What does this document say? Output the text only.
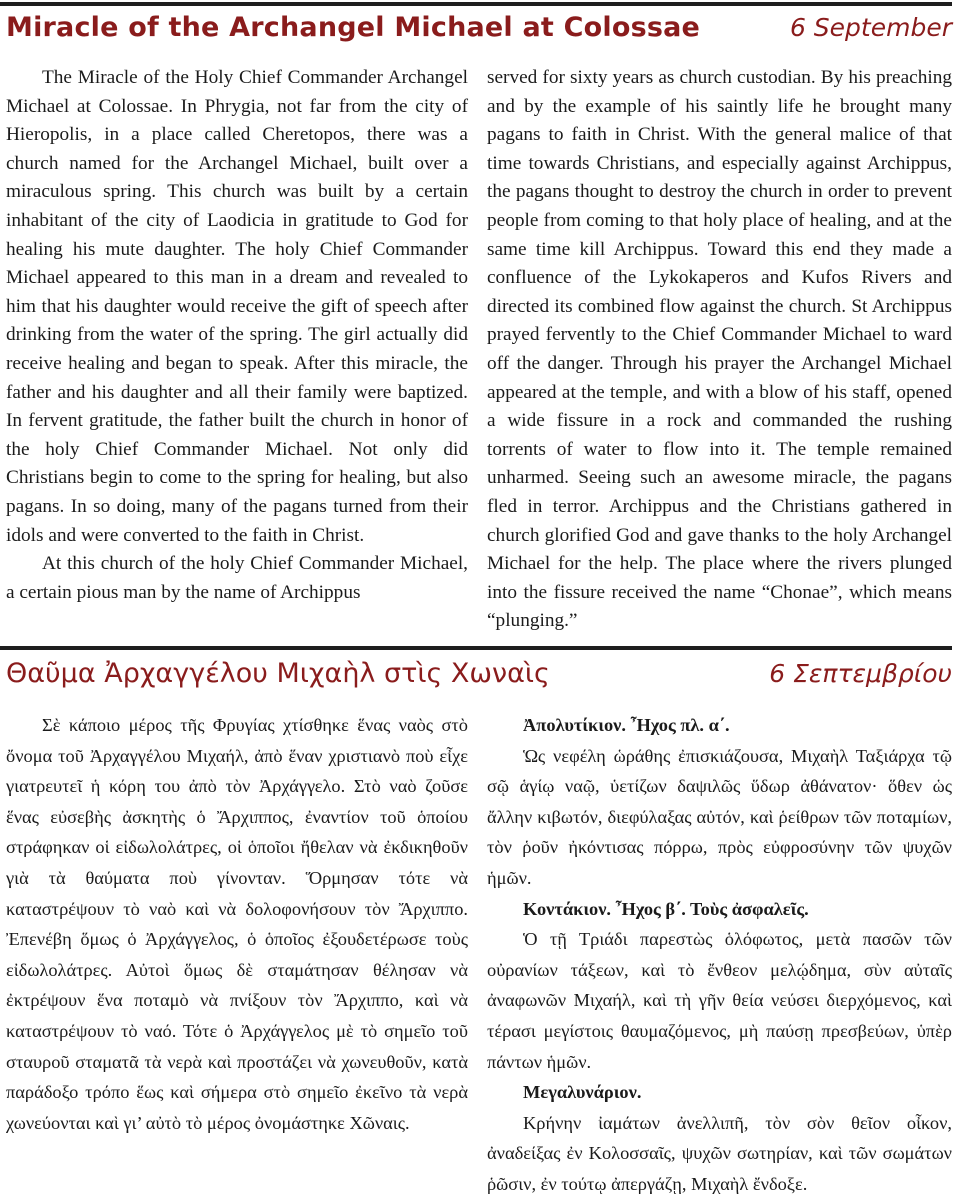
Miracle of the Archangel Michael at Colossae	6 September

The Miracle of the Holy Chief Commander Archangel Michael at Colossae. In Phrygia, not far from the city of Hieropolis, in a place called Cheretopos, there was a church named for the Archangel Michael, built over a miraculous spring. This church was built by a certain inhabitant of the city of Laodicia in gratitude to God for healing his mute daughter. The holy Chief Commander Michael appeared to this man in a dream and revealed to him that his daughter would receive the gift of speech after drinking from the water of the spring. The girl actually did receive healing and began to speak. After this miracle, the father and his daughter and all their family were baptized. In fervent gratitude, the father built the church in honor of the holy Chief Commander Michael. Not only did Christians begin to come to the spring for healing, but also pagans. In so doing, many of the pagans turned from their idols and were converted to the faith in Christ.

At this church of the holy Chief Commander Michael, a certain pious man by the name of Archippus

served for sixty years as church custodian. By his preaching and by the example of his saintly life he brought many pagans to faith in Christ. With the general malice of that time towards Christians, and especially against Archippus, the pagans thought to destroy the church in order to prevent people from coming to that holy place of healing, and at the same time kill Archippus. Toward this end they made a confluence of the Lykokaperos and Kufos Rivers and directed its combined flow against the church. St Archippus prayed fervently to the Chief Commander Michael to ward off the danger. Through his prayer the Archangel Michael appeared at the temple, and with a blow of his staff, opened a wide fissure in a rock and commanded the rushing torrents of water to flow into it. The temple remained unharmed. Seeing such an awesome miracle, the pagans fled in terror. Archippus and the Christians gathered in church glorified God and gave thanks to the holy Archangel Michael for the help. The place where the rivers plunged into the fissure received the name “Chonae”, which means “plunging.”

Θαῦμα Ἀρχαγγέλου Μιχαὴλ στὶς Χωναὶς	6 Σεπτεμβρίου

Σὲ κάποιο μέρος τῆς Φρυγίας χτίσθηκε ἕνας ναὸς στὸ ὄνομα τοῦ Ἀρχαγγέλου Μιχαήλ, ἀπὸ ἕναν χριστιανὸ ποὺ εἶχε γιατρευτεῖ ἡ κόρη του ἀπὸ τὸν Ἀρχάγγελο. Στὸ ναὸ ζοῦσε ἕνας εὐσεβὴς ἀσκητὴς ὁ Ἄρχιππος, ἐναντίον τοῦ ὁποίου στράφηκαν οἱ εἰδωλολάτρες, οἱ ὁποῖοι ἤθελαν νὰ ἐκδικηθοῦν γιὰ τὰ θαύματα ποὺ γίνονταν. Ὅρμησαν τότε νὰ καταστρέψουν τὸ ναὸ καὶ νὰ δολοφονήσουν τὸν Ἄρχιππο. Ἐπενέβη ὅμως ὁ Ἀρχάγγελος, ὁ ὁποῖος ἐξουδετέρωσε τοὺς εἰδωλολάτρες. Αὐτοὶ ὅμως δὲ σταμάτησαν θέλησαν νὰ ἐκτρέψουν ἕνα ποταμὸ νὰ πνίξουν τὸν Ἄρχιππο, καὶ νὰ καταστρέψουν τὸ ναό. Τότε ὁ Ἀρχάγγελος μὲ τὸ σημεῖο τοῦ σταυροῦ σταματᾶ τὰ νερὰ καὶ προστάζει νὰ χωνευθοῦν, κατὰ παράδοξο τρόπο ἕως καὶ σήμερα στὸ σημεῖο ἐκεῖνο τὰ νερὰ χωνεύονται καὶ γι’ αὐτὸ τὸ μέρος ὀνομάστηκε Χῶναις.

Ἀπολυτίκιον. Ἦχος πλ. α΄.

Ὡς νεφέλη ὡράθης ἐπισκιάζουσα, Μιχαὴλ Ταξιάρχα τῷ σῷ ἁγίῳ ναῷ, ὑετίζων δαψιλῶς ὕδωρ ἀθάνατον· ὅθεν ὡς ἄλλην κιβωτόν, διεφύλαξας αὐτόν, καὶ ῥείθρων τῶν ποταμίων, τὸν ῥοῦν ἠκόντισας πόρρω, πρὸς εὐφροσύνην τῶν ψυχῶν ἡμῶν.

Κοντάκιον. Ἦχος β΄. Τοὺς ἀσφαλεῖς.

Ὁ τῇ Τριάδι παρεστὼς ὁλόφωτος, μετὰ πασῶν τῶν οὐρανίων τάξεων, καὶ τὸ ἔνθεον μελῴδημα, σὺν αὐταῖς ἀναφωνῶν Μιχαήλ, καὶ τὴ γῆν θεία νεύσει διερχόμενος, καὶ τέρασι μεγίστοις θαυμαζόμενος, μὴ παύσῃ πρεσβεύων, ὑπὲρ πάντων ἡμῶν.

Μεγαλυνάριον.

Κρήνην ἰαμάτων ἀνελλιπῆ, τὸν σὸν θεῖον οἶκον, ἀναδείξας ἐν Κολοσσαῖς, ψυχῶν σωτηρίαν, καὶ τῶν σωμάτων ῥῶσιν, ἐν τούτῳ ἀπεργάζῃ, Μιχαὴλ ἔνδοξε.
